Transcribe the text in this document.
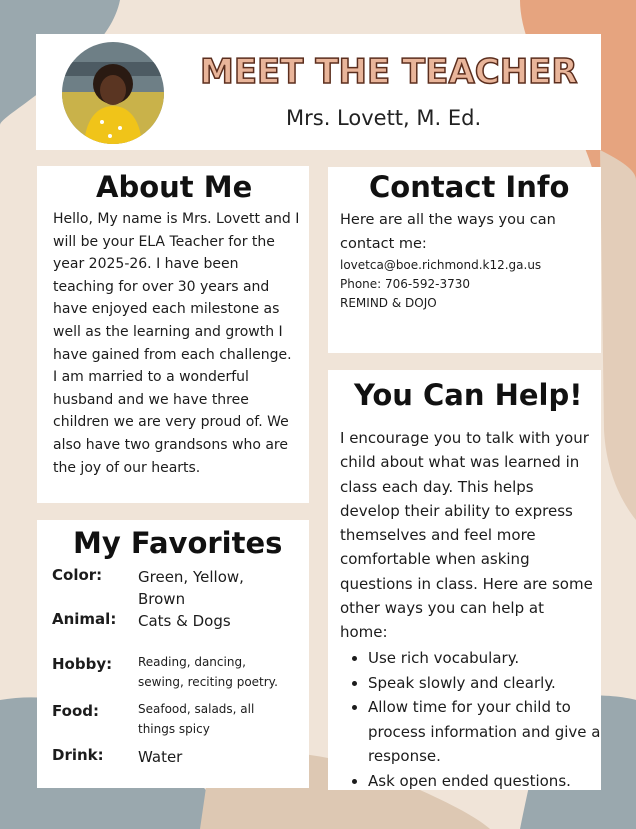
MEET THE TEACHER
Mrs. Lovett, M. Ed.
About Me
Hello, My name is Mrs. Lovett and I
will be your ELA Teacher for the
year 2025-26. I have been
teaching for over 30 years and
have enjoyed each milestone as
well as the learning and growth I
have gained from each challenge.
I am married to a wonderful
husband and we have three
children we are very proud of. We
also have two grandsons who are
the joy of our hearts.
Contact Info
Here are all the ways you can
contact me:
lovetca@boe.richmond.k12.ga.us
Phone: 706-592-3730
REMIND & DOJO
You Can Help!
I encourage you to talk with your
child about what was learned in
class each day. This helps
develop their ability to express
themselves and feel more
comfortable when asking
questions in class. Here are some
other ways you can help at
home:
• Use rich vocabulary.
• Speak slowly and clearly.
• Allow time for your child to process information and give a response.
• Ask open ended questions.
My Favorites
Color: Green, Yellow,
Brown
Animal: Cats & Dogs
Hobby: Reading, dancing,
sewing, reciting poetry.
Food:	Seafood, salads, all
things spicy
Drink: Water
